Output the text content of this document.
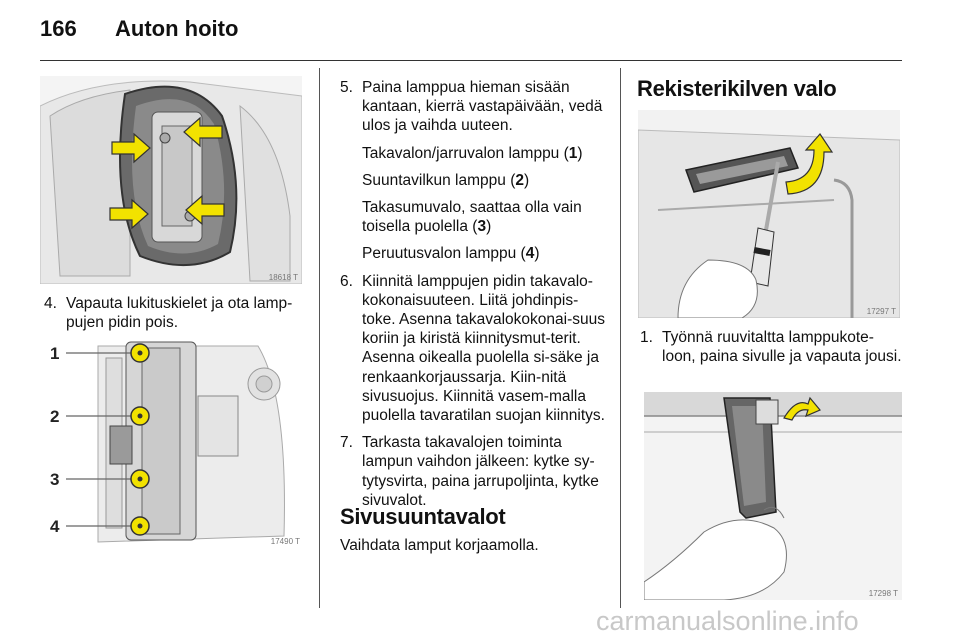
166 Auton hoito
18618 T
4. Vapauta lukituskielet ja ota lamp-pujen pidin pois.
1
2
3
4
17490 T
5. Paina lamppua hieman sisään kantaan, kierrä vastapäivään, vedä ulos ja vaihda uuteen.

Takavalon/jarruvalon lamppu (1)

Suuntavilkun lamppu (2)

Takasumuvalo, saattaa olla vain toisella puolella (3)

Peruutusvalon lamppu (4)

6. Kiinnitä lamppujen pidin takavalo-kokonaisuuteen. Liitä johdinpis-toke. Asenna takavalokokonai-suus koriin ja kiristä kiinnitysmut-terit. Asenna oikealla puolella si-säke ja renkaankorjaussarja. Kiin-nitä sivusuojus. Kiinnitä vasem-malla puolella tavaratilan suojan kiinnitys.

7. Tarkasta takavalojen toiminta lampun vaihdon jälkeen: kytke sy-tytysvirta, paina jarrupoljinta, kytke sivuvalot.

Sivusuuntavalot
Vaihdata lamput korjaamolla.
Rekisterikilven valo
17297 T
1. Työnnä ruuvitaltta lamppukote-loon, paina sivulle ja vapauta jousi.
17298 T
carmanualsonline.info
